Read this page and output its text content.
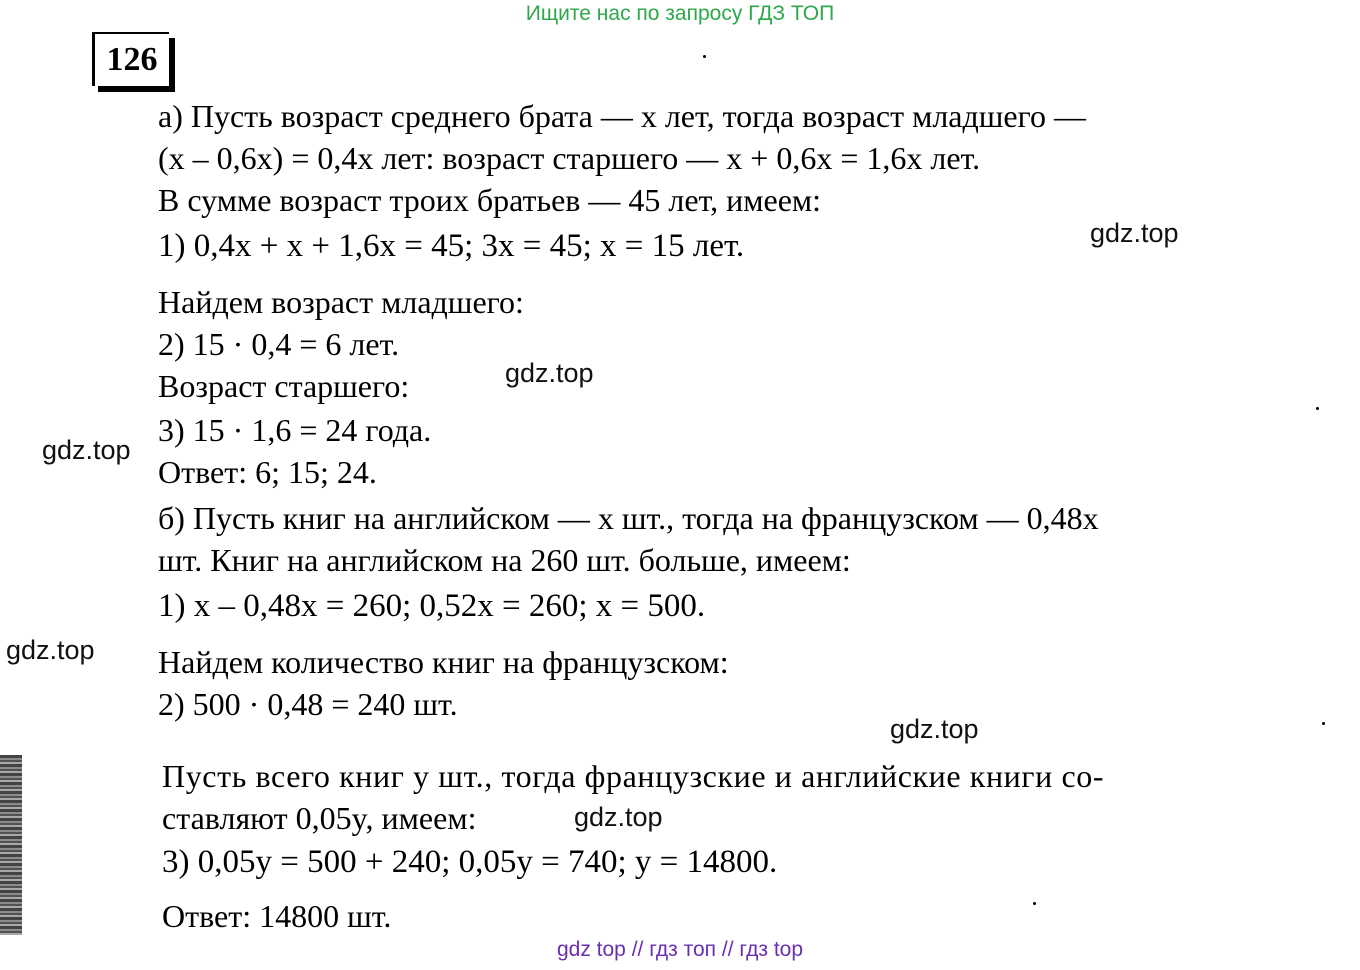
Ищите нас по запросу ГДЗ ТОП
126
а) Пусть возраст среднего брата — x лет, тогда возраст младшего —
(x – 0,6x) = 0,4x лет: возраст старшего — x + 0,6x = 1,6x лет.
В сумме возраст троих братьев — 45 лет, имеем:
1) 0,4x + x + 1,6x = 45; 3x = 45; x = 15 лет.
Найдем возраст младшего:
2) 15 · 0,4 = 6 лет.
Возраст старшего:
3) 15 · 1,6 = 24 года.
Ответ: 6; 15; 24.
б) Пусть книг на английском — x шт., тогда на французском — 0,48x
шт. Книг на английском на 260 шт. больше, имеем:
1) x – 0,48x = 260; 0,52x = 260; x = 500.
Найдем количество книг на французском:
2) 500 · 0,48 = 240 шт.
Пусть всего книг y шт., тогда французские и английские книги со-
ставляют 0,05y, имеем:
3) 0,05y = 500 + 240; 0,05y = 740; y = 14800.
Ответ: 14800 шт.
gdz.top
gdz.top
gdz.top
gdz.top
gdz.top
gdz.top
gdz top // гдз топ // гдз top
